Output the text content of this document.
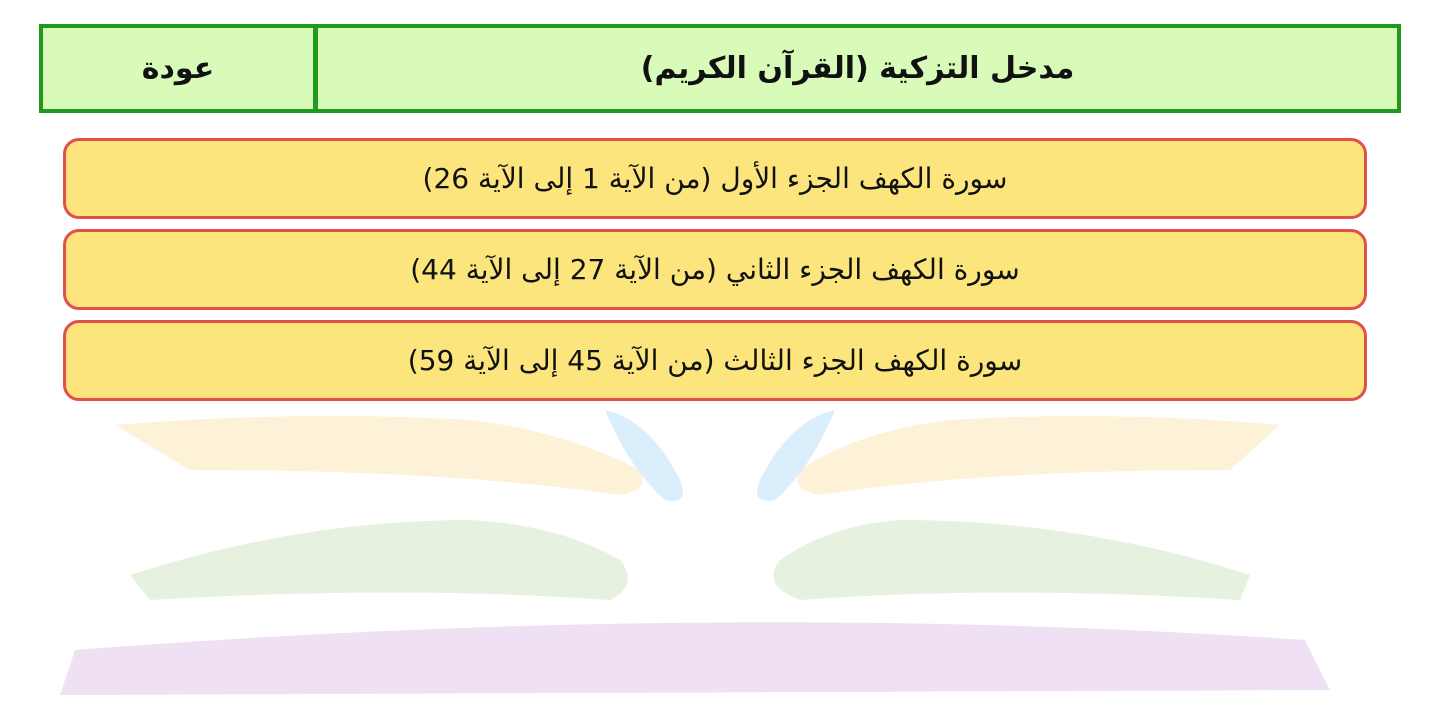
عودة	مدخل التزكية (القرآن الكريم)
سورة الكهف الجزء الأول (من الآية 1 إلى الآية 26)
سورة الكهف الجزء الثاني (من الآية 27 إلى الآية 44)
سورة الكهف الجزء الثالث (من الآية 45 إلى الآية 59)
